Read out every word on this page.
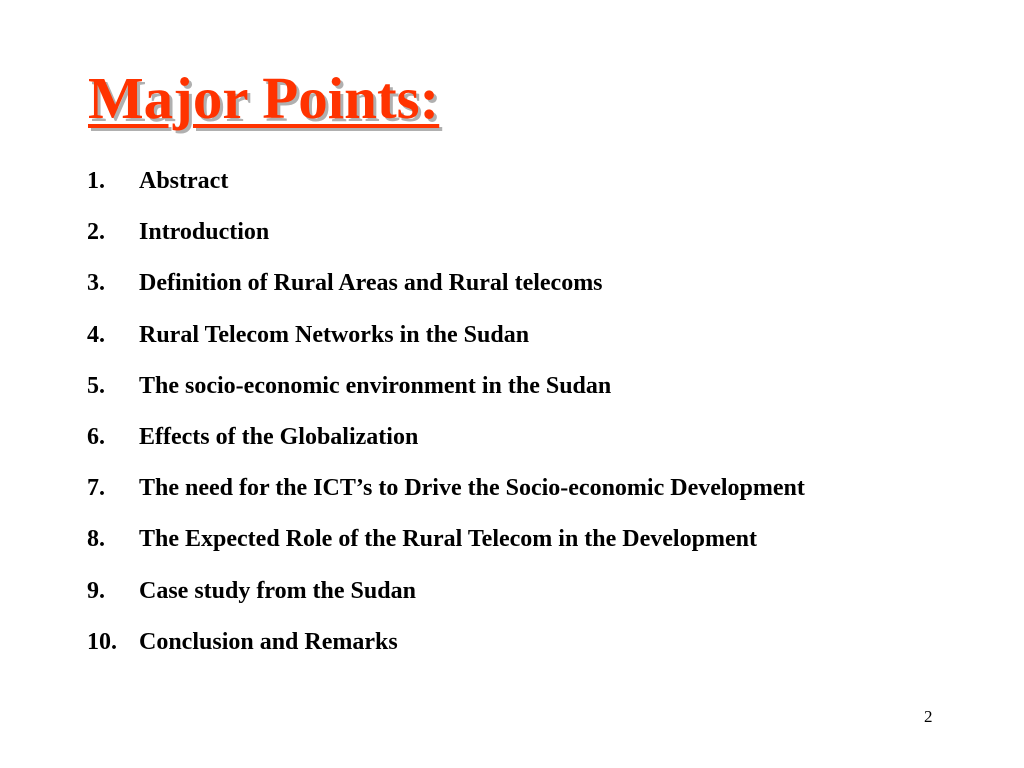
Major Points:
1.	Abstract
2.	Introduction
3.	Definition of Rural Areas and Rural telecoms
4.	Rural Telecom Networks in the Sudan
5.	The socio-economic environment in the Sudan
6.	Effects of the Globalization
7.	The need for the ICT’s to Drive the Socio-economic Development
8.	The Expected Role of the Rural Telecom in the Development
9.	Case study from the Sudan
10. Conclusion and Remarks
2
